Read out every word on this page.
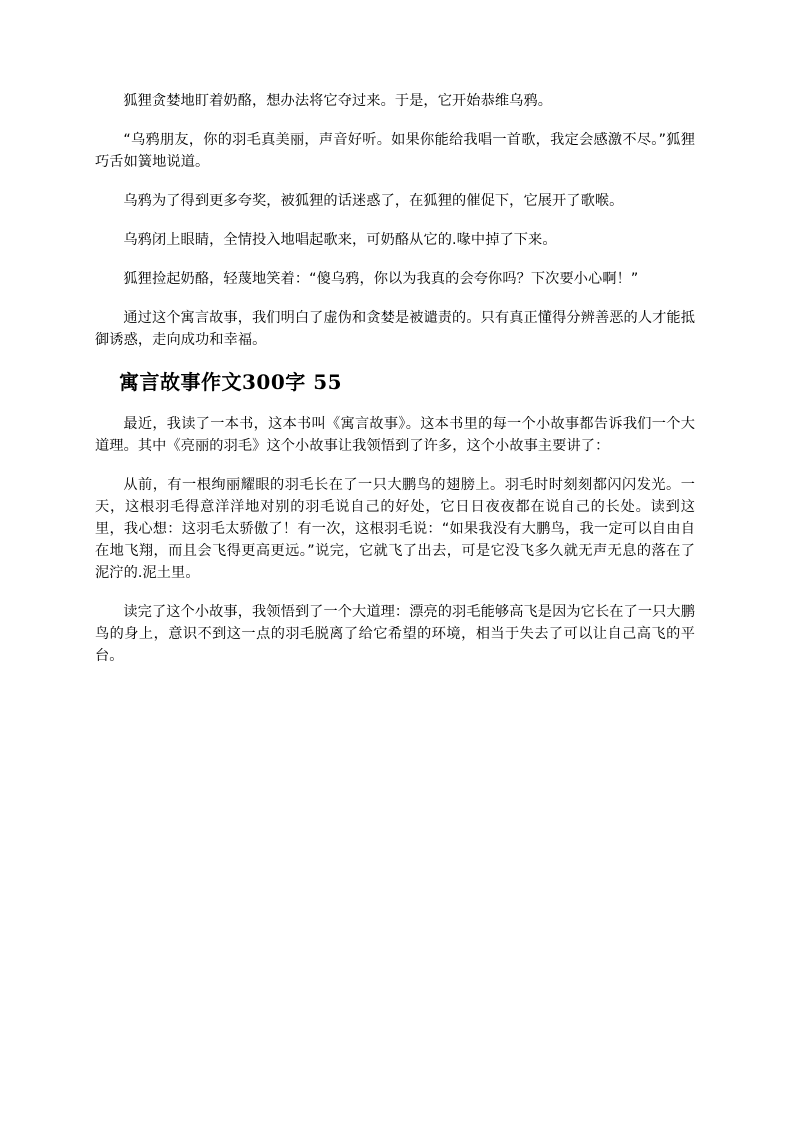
狐狸贪婪地盯着奶酪，想办法将它夺过来。于是，它开始恭维乌鸦。

“乌鸦朋友，你的羽毛真美丽，声音好听。如果你能给我唱一首歌，我定会感激不尽。”狐狸巧舌如簧地说道。

乌鸦为了得到更多夸奖，被狐狸的话迷惑了，在狐狸的催促下，它展开了歌喉。

乌鸦闭上眼睛，全情投入地唱起歌来，可奶酪从它的.喙中掉了下来。

狐狸捡起奶酪，轻蔑地笑着：“傻乌鸦，你以为我真的会夸你吗？下次要小心啊！”

通过这个寓言故事，我们明白了虚伪和贪婪是被谴责的。只有真正懂得分辨善恶的人才能抵御诱惑，走向成功和幸福。

寓言故事作文300字 55

最近，我读了一本书，这本书叫《寓言故事》。这本书里的每一个小故事都告诉我们一个大道理。其中《亮丽的羽毛》这个小故事让我领悟到了许多，这个小故事主要讲了：

从前，有一根绚丽耀眼的羽毛长在了一只大鹏鸟的翅膀上。羽毛时时刻刻都闪闪发光。一天，这根羽毛得意洋洋地对别的羽毛说自己的好处，它日日夜夜都在说自己的长处。读到这里，我心想：这羽毛太骄傲了！有一次，这根羽毛说：“如果我没有大鹏鸟，我一定可以自由自在地飞翔，而且会飞得更高更远。”说完，它就飞了出去，可是它没飞多久就无声无息的落在了泥泞的.泥土里。

读完了这个小故事，我领悟到了一个大道理：漂亮的羽毛能够高飞是因为它长在了一只大鹏鸟的身上，意识不到这一点的羽毛脱离了给它希望的环境，相当于失去了可以让自己高飞的平台。
